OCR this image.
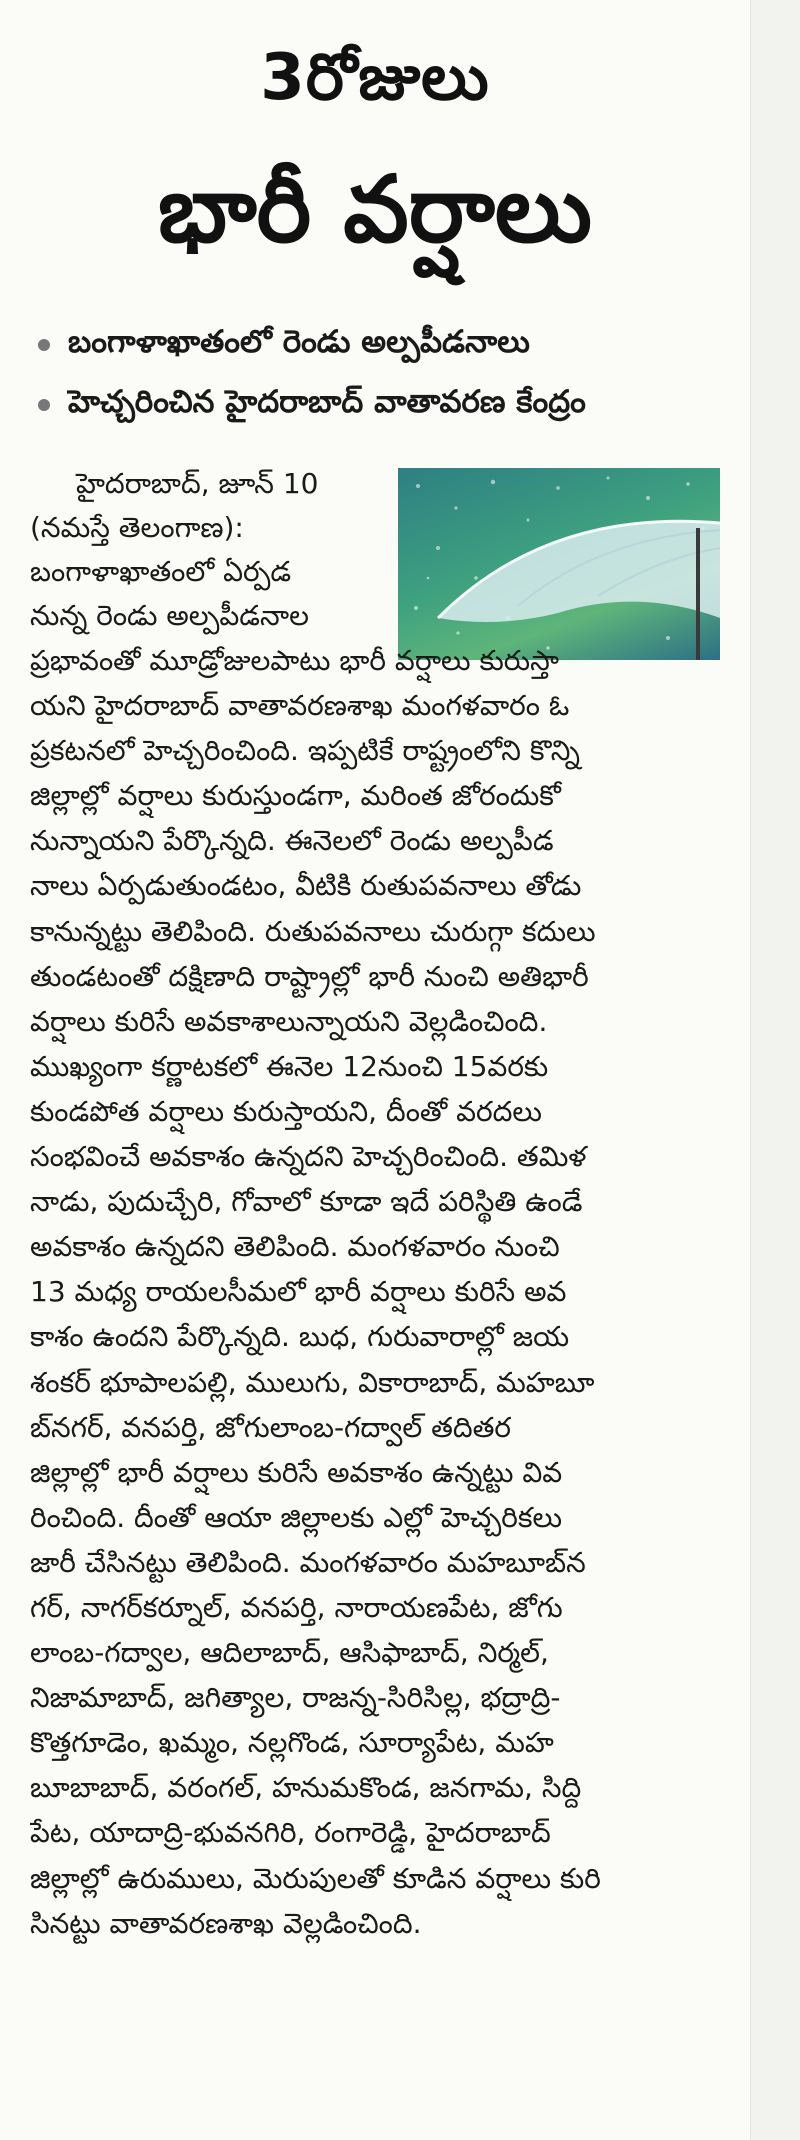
3రోజులు
భారీ వర్షాలు
బంగాళాఖాతంలో రెండు అల్పపీడనాలు
హెచ్చరించిన హైదరాబాద్ వాతావరణ కేంద్రం
హైదరాబాద్, జూన్ 10
(నమస్తే తెలంగాణ):
బంగాళాఖాతంలో ఏర్పడ
నున్న రెండు అల్పపీడనాల
ప్రభావంతో మూడ్రోజులపాటు భారీ వర్షాలు కురుస్తా
యని హైదరాబాద్ వాతావరణశాఖ మంగళవారం ఓ
ప్రకటనలో హెచ్చరించింది. ఇప్పటికే రాష్ట్రంలోని కొన్ని
జిల్లాల్లో వర్షాలు కురుస్తుండగా, మరింత జోరందుకో
నున్నాయని పేర్కొన్నది. ఈనెలలో రెండు అల్పపీడ
నాలు ఏర్పడుతుండటం, వీటికి రుతుపవనాలు తోడు
కానున్నట్టు తెలిపింది. రుతుపవనాలు చురుగ్గా కదులు
తుండటంతో దక్షిణాది రాష్ట్రాల్లో భారీ నుంచి అతిభారీ
వర్షాలు కురిసే అవకాశాలున్నాయని వెల్లడించింది.
ముఖ్యంగా కర్ణాటకలో ఈనెల 12నుంచి 15వరకు
కుండపోత వర్షాలు కురుస్తాయని, దీంతో వరదలు
సంభవించే అవకాశం ఉన్నదని హెచ్చరించింది. తమిళ
నాడు, పుదుచ్చేరి, గోవాలో కూడా ఇదే పరిస్థితి ఉండే
అవకాశం ఉన్నదని తెలిపింది. మంగళవారం నుంచి
13 మధ్య రాయలసీమలో భారీ వర్షాలు కురిసే అవ
కాశం ఉందని పేర్కొన్నది. బుధ, గురువారాల్లో జయ
శంకర్ భూపాలపల్లి, ములుగు, వికారాబాద్, మహబూ
బ్‌నగర్, వనపర్తి, జోగులాంబ-గద్వాల్ తదితర
జిల్లాల్లో భారీ వర్షాలు కురిసే అవకాశం ఉన్నట్టు వివ
రించింది. దీంతో ఆయా జిల్లాలకు ఎల్లో హెచ్చరికలు
జారీ చేసినట్టు తెలిపింది. మంగళవారం మహబూబ్‌న
గర్, నాగర్‌కర్నూల్, వనపర్తి, నారాయణపేట, జోగు
లాంబ-గద్వాల, ఆదిలాబాద్, ఆసిఫాబాద్, నిర్మల్,
నిజామాబాద్, జగిత్యాల, రాజన్న-సిరిసిల్ల, భద్రాద్రి-
కొత్తగూడెం, ఖమ్మం, నల్లగొండ, సూర్యాపేట, మహ
బూబాబాద్, వరంగల్, హనుమకొండ, జనగామ, సిద్ది
పేట, యాదాద్రి-భువనగిరి, రంగారెడ్డి, హైదరాబాద్
జిల్లాల్లో ఉరుములు, మెరుపులతో కూడిన వర్షాలు కురి
సినట్టు వాతావరణశాఖ వెల్లడించింది.
